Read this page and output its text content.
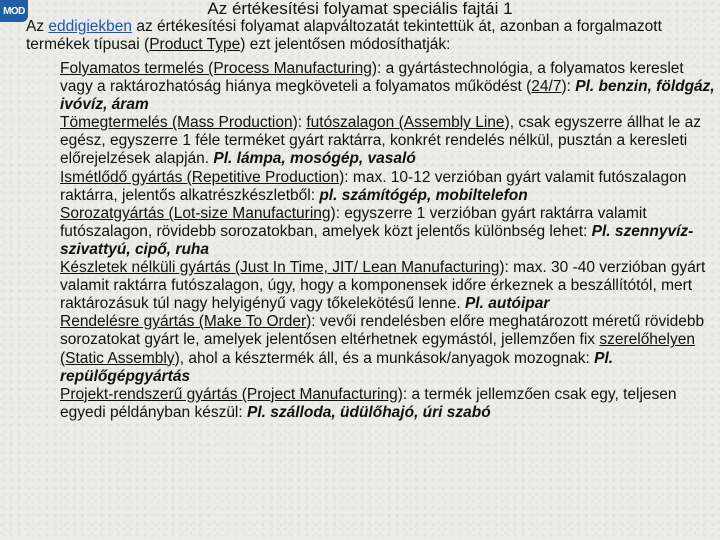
MOD	Az értékesítési folyamat speciális fajtái 1

Az eddigiekben az értékesítési folyamat alapváltozatát tekintettük át, azonban a forgalmazott termékek típusai (Product Type) ezt jelentősen módosíthatják:

Folyamatos termelés (Process Manufacturing): a gyártástechnológia, a folyamatos kereslet vagy a raktározhatóság hiánya megköveteli a folyamatos működést (24/7): Pl. benzin, földgáz, ivóvíz, áram
Tömegtermelés (Mass Production): futószalagon (Assembly Line), csak egyszerre állhat le az egész, egyszerre 1 féle terméket gyárt raktárra, konkrét rendelés nélkül, pusztán a keresleti előrejelzések alapján. Pl. lámpa, mosógép, vasaló
Ismétlődő gyártás (Repetitive Production): max. 10-12 verzióban gyárt valamit futószalagon raktárra, jelentős alkatrészkészletből: pl. számítógép, mobiltelefon
Sorozatgyártás (Lot-size Manufacturing): egyszerre 1 verzióban gyárt raktárra valamit futószalagon, rövidebb sorozatokban, amelyek közt jelentős különbség lehet: Pl. szennyvíz-szivattyú, cipő, ruha
Készletek nélküli gyártás (Just In Time, JIT/ Lean Manufacturing): max. 30 -40 verzióban gyárt valamit raktárra futószalagon, úgy, hogy a komponensek időre érkeznek a beszállítótól, mert raktározásuk túl nagy helyigényű vagy tőkelekötésű lenne. Pl. autóipar
Rendelésre gyártás (Make To Order): vevői rendelésben előre meghatározott méretű rövidebb sorozatokat gyárt le, amelyek jelentősen eltérhetnek egymástól, jellemzően fix szerelőhelyen (Static Assembly), ahol a késztermék áll, és a munkások/anyagok mozognak: Pl. repülőgépgyártás
Projekt-rendszerű gyártás (Project Manufacturing): a termék jellemzően csak egy, teljesen egyedi példányban készül: Pl. szálloda, üdülőhajó, úri szabó
